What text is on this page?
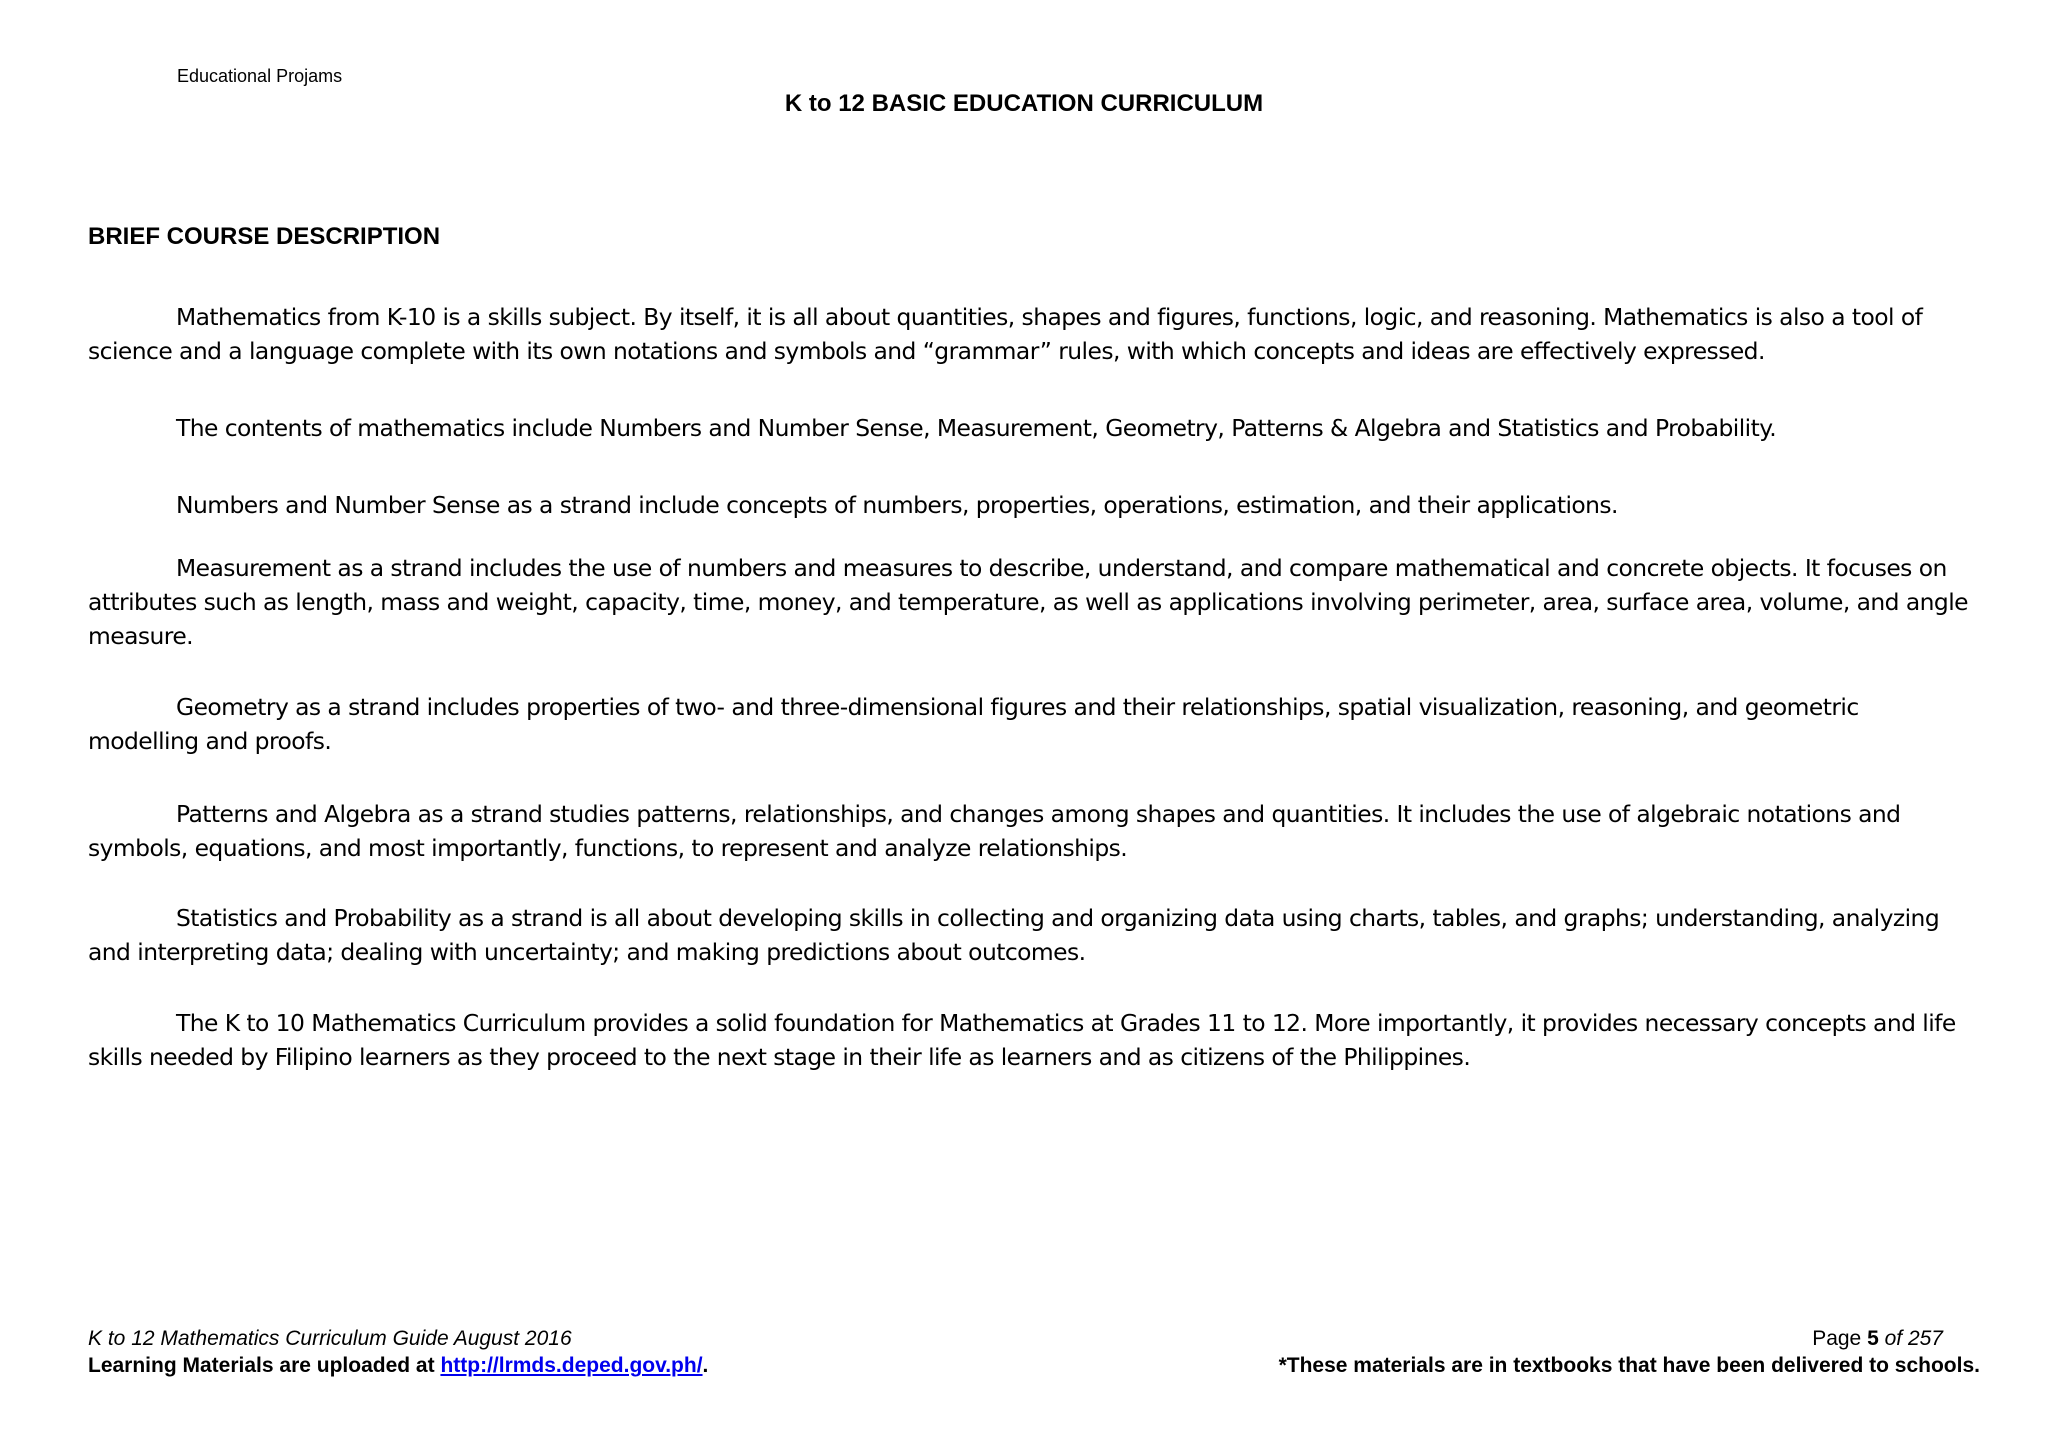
Educational Projams
K to 12 BASIC EDUCATION CURRICULUM
BRIEF COURSE DESCRIPTION

Mathematics from K-10 is a skills subject. By itself, it is all about quantities, shapes and figures, functions, logic, and reasoning. Mathematics is also a tool of science and a language complete with its own notations and symbols and “grammar” rules, with which concepts and ideas are effectively expressed.

The contents of mathematics include Numbers and Number Sense, Measurement, Geometry, Patterns & Algebra and Statistics and Probability.

Numbers and Number Sense as a strand include concepts of numbers, properties, operations, estimation, and their applications.

Measurement as a strand includes the use of numbers and measures to describe, understand, and compare mathematical and concrete objects. It focuses on attributes such as length, mass and weight, capacity, time, money, and temperature, as well as applications involving perimeter, area, surface area, volume, and angle measure.

Geometry as a strand includes properties of two- and three-dimensional figures and their relationships, spatial visualization, reasoning, and geometric modelling and proofs.

Patterns and Algebra as a strand studies patterns, relationships, and changes among shapes and quantities. It includes the use of algebraic notations and symbols, equations, and most importantly, functions, to represent and analyze relationships.

Statistics and Probability as a strand is all about developing skills in collecting and organizing data using charts, tables, and graphs; understanding, analyzing and interpreting data; dealing with uncertainty; and making predictions about outcomes.

The K to 10 Mathematics Curriculum provides a solid foundation for Mathematics at Grades 11 to 12. More importantly, it provides necessary concepts and life skills needed by Filipino learners as they proceed to the next stage in their life as learners and as citizens of the Philippines.

K to 12 Mathematics Curriculum Guide August 2016
Learning Materials are uploaded at http://lrmds.deped.gov.ph/.
Page 5 of 257
*These materials are in textbooks that have been delivered to schools.
